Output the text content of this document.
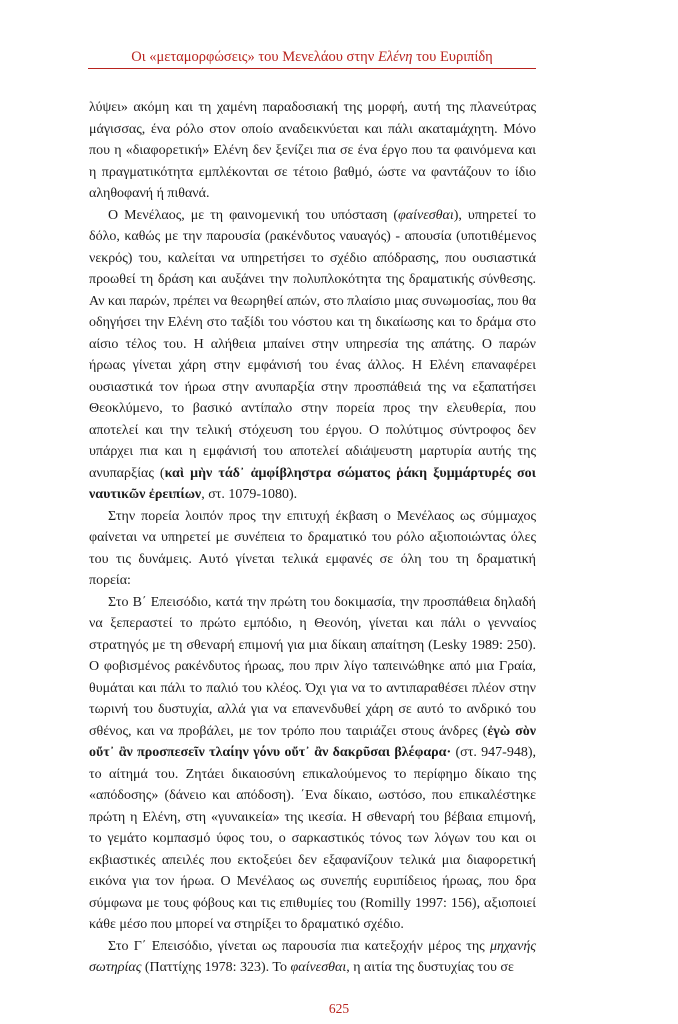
Οι «μεταμορφώσεις» του Μενελάου στην Ελένη του Ευριπίδη

λύψει» ακόμη και τη χαμένη παραδοσιακή της μορφή, αυτή της πλανεύτρας μάγισσας, ένα ρόλο στον οποίο αναδεικνύεται και πάλι ακαταμάχητη. Μόνο που η «διαφορετική» Ελένη δεν ξενίζει πια σε ένα έργο που τα φαινόμενα και η πραγματικότητα εμπλέκονται σε τέτοιο βαθμό, ώστε να φαντάζουν το ίδιο αληθοφανή ή πιθανά.

Ο Μενέλαος, με τη φαινομενική του υπόσταση (φαίνεσθαι), υπηρετεί το δόλο, καθώς με την παρουσία (ρακένδυτος ναυαγός) - απουσία (υποτιθέμενος νεκρός) του, καλείται να υπηρετήσει το σχέδιο απόδρασης, που ουσιαστικά προωθεί τη δράση και αυξάνει την πολυπλοκότητα της δραματικής σύνθεσης. Αν και παρών, πρέπει να θεωρηθεί απών, στο πλαίσιο μιας συνωμοσίας, που θα οδηγήσει την Ελένη στο ταξίδι του νόστου και τη δικαίωσης και το δράμα στο αίσιο τέλος του. Η αλήθεια μπαίνει στην υπηρεσία της απάτης. Ο παρών ήρωας γίνεται χάρη στην εμφάνισή του ένας άλλος. Η Ελένη επαναφέρει ουσιαστικά τον ήρωα στην ανυπαρξία στην προσπάθειά της να εξαπατήσει Θεοκλύμενο, το βασικό αντίπαλο στην πορεία προς την ελευθερία, που αποτελεί και την τελική στόχευση του έργου. Ο πολύτιμος σύντροφος δεν υπάρχει πια και η εμφάνισή του αποτελεί αδιάψευστη μαρτυρία αυτής της ανυπαρξίας (καὶ μὴν τάδ᾽ ἀμφίβληστρα σώματος ῥάκη ξυμμάρτυρές σοι ναυτικῶν ἐρειπίων, στ. 1079-1080).

Στην πορεία λοιπόν προς την επιτυχή έκβαση ο Μενέλαος ως σύμμαχος φαίνεται να υπηρετεί με συνέπεια το δραματικό του ρόλο αξιοποιώντας όλες του τις δυνάμεις. Αυτό γίνεται τελικά εμφανές σε όλη του τη δραματική πορεία:

Στο Β΄ Επεισόδιο, κατά την πρώτη του δοκιμασία, την προσπάθεια δηλαδή να ξεπεραστεί το πρώτο εμπόδιο, η Θεονόη, γίνεται και πάλι ο γενναίος στρατηγός με τη σθεναρή επιμονή για μια δίκαιη απαίτηση (Lesky 1989: 250). Ο φοβισμένος ρακένδυτος ήρωας, που πριν λίγο ταπεινώθηκε από μια Γραία, θυμάται και πάλι το παλιό του κλέος. Όχι για να το αντιπαραθέσει πλέον στην τωρινή του δυστυχία, αλλά για να επανενδυθεί χάρη σε αυτό το ανδρικό του σθένος, και να προβάλει, με τον τρόπο που ταιριάζει στους άνδρες (ἐγὼ σὸν οὔτ᾽ ἂν προσπεσεῖν τλαίην γόνυ οὔτ᾽ ἂν δακρῦσαι βλέφαρα· (στ. 947-948), το αίτημά του. Ζητάει δικαιοσύνη επικαλούμενος το περίφημο δίκαιο της «απόδοσης» (δάνειο και απόδοση). ΄Ενα δίκαιο, ωστόσο, που επικαλέστηκε πρώτη η Ελένη, στη «γυναικεία» της ικεσία. Η σθεναρή του βέβαια επιμονή, το γεμάτο κομπασμό ύφος του, ο σαρκαστικός τόνος των λόγων του και οι εκβιαστικές απειλές που εκτοξεύει δεν εξαφανίζουν τελικά μια διαφορετική εικόνα για τον ήρωα. Ο Μενέλαος ως συνεπής ευριπίδειος ήρωας, που δρα σύμφωνα με τους φόβους και τις επιθυμίες του (Romilly 1997: 156), αξιοποιεί κάθε μέσο που μπορεί να στηρίξει το δραματικό σχέδιο.

Στο Γ΄ Επεισόδιο, γίνεται ως παρουσία πια κατεξοχήν μέρος της μηχανής σωτηρίας (Παττίχης 1978: 323). Το φαίνεσθαι, η αιτία της δυστυχίας του σε

625
